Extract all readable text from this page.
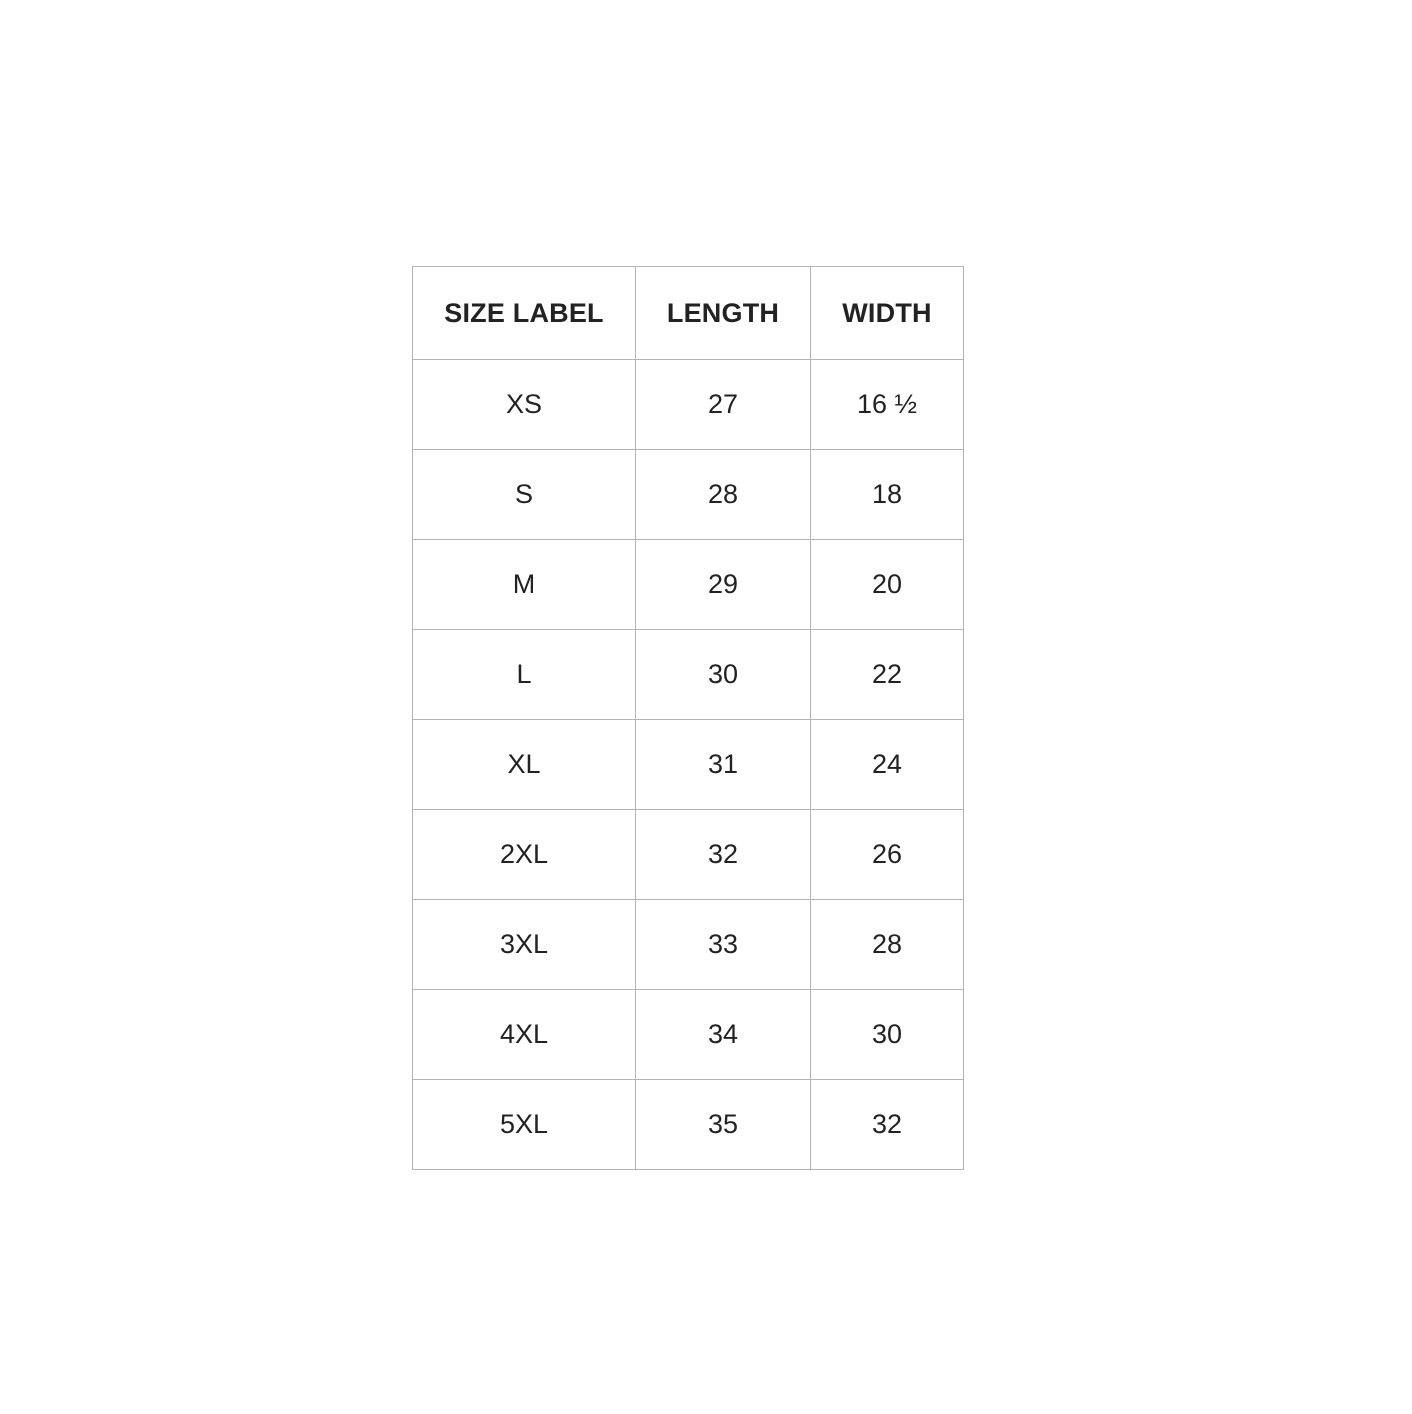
SIZE LABEL	LENGTH	WIDTH
XS	27	16 ½
S	28	18
M	29	20
L	30	22
XL	31	24
2XL	32	26
3XL	33	28
4XL	34	30
5XL	35	32
